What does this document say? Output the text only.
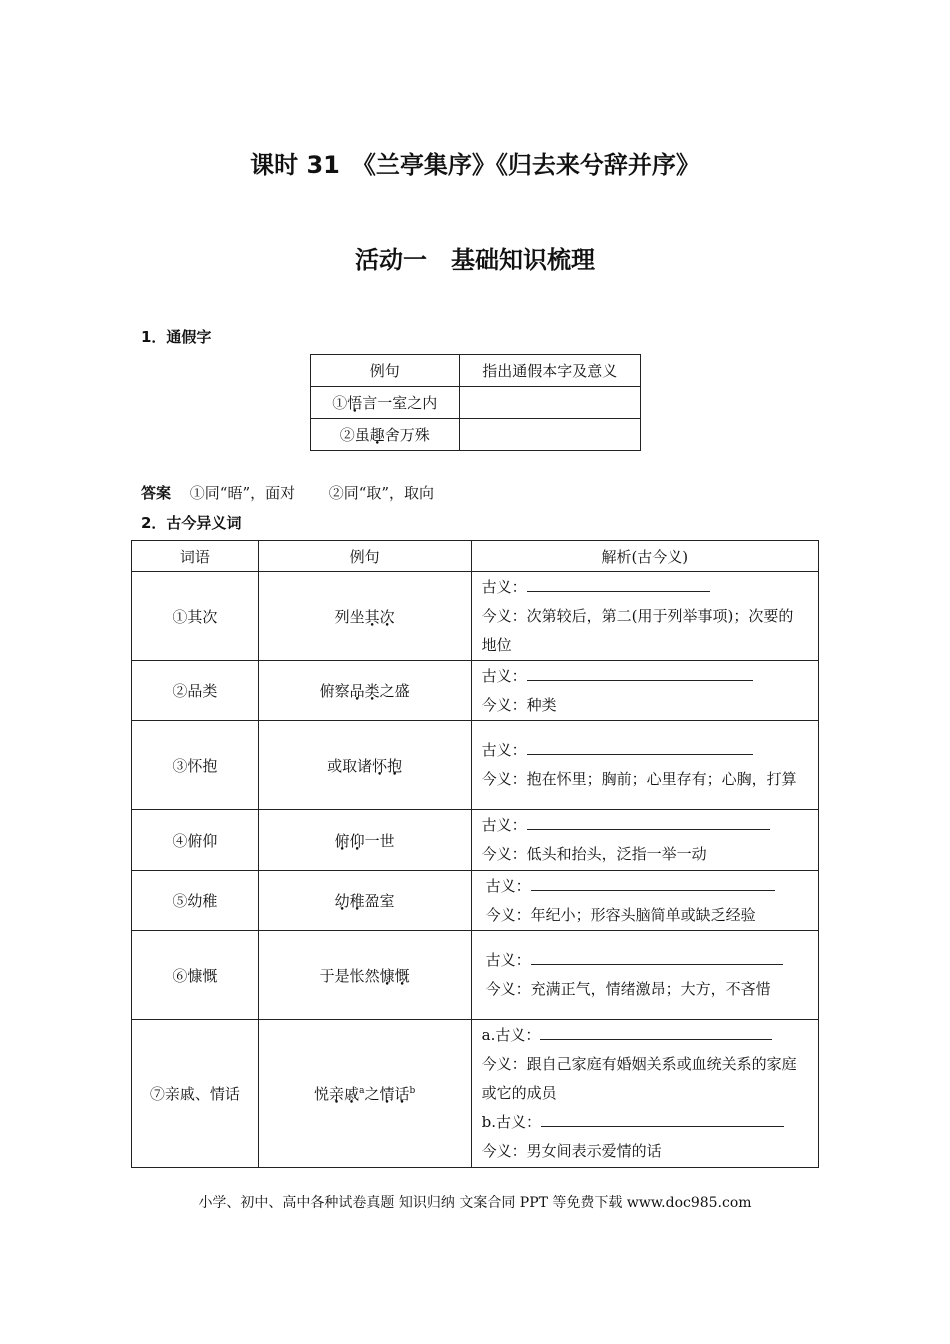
课时 31　《兰亭集序》《归去来兮辞并序》
活动一　基础知识梳理
1．通假字
例句	指出通假本字及意义
①悟言一室之内	
②虽趣舍万殊	
答案 ①同“晤”，面对 ②同“取”，取向
2．古今异义词
词语	例句	解析(古今义)
①其次	列坐其次	古义：
今义：次第较后，第二(用于列举事项)；次要的地位

②品类	俯察品类之盛	古义：
今义：种类

③怀抱	或取诸怀抱	古义：
今义：抱在怀里；胸前；心里存有；心胸，打算

④俯仰	俯仰一世	古义：
今义：低头和抬头，泛指一举一动

⑤幼稚	幼稚盈室	古义：
今义：年纪小；形容头脑简单或缺乏经验

⑥慷慨	于是怅然慷慨	古义：
今义：充满正气，情绪激昂；大方，不吝惜

⑦亲戚、情话	悦亲戚$^a$之情话$^b$	a.古义：
今义：跟自己家庭有婚姻关系或血统关系的家庭或它的成员
b.古义：
今义：男女间表示爱情的话
小学、初中、高中各种试卷真题 知识归纳 文案合同 PPT 等免费下载 www.doc985.com
